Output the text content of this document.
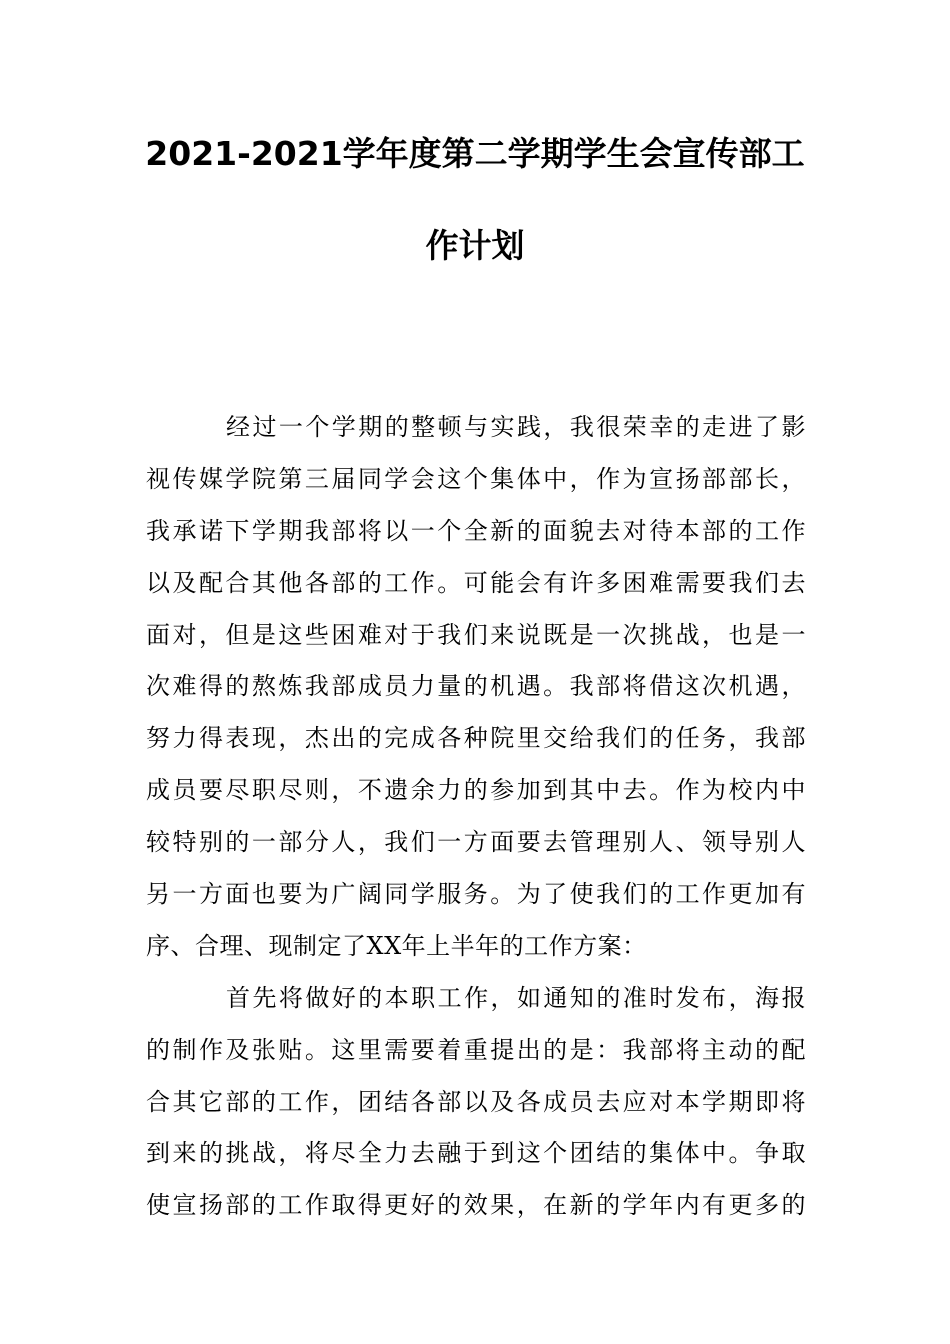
2021-2021学年度第二学期学生会宣传部工
作计划
经过一个学期的整顿与实践，我很荣幸的走进了影
视传媒学院第三届同学会这个集体中，作为宣扬部部长，
我承诺下学期我部将以一个全新的面貌去对待本部的工作
以及配合其他各部的工作。可能会有许多困难需要我们去
面对，但是这些困难对于我们来说既是一次挑战，也是一
次难得的熬炼我部成员力量的机遇。我部将借这次机遇，
努力得表现，杰出的完成各种院里交给我们的任务，我部
成员要尽职尽则，不遗余力的参加到其中去。作为校内中
较特别的一部分人，我们一方面要去管理别人、领导别人
另一方面也要为广阔同学服务。为了使我们的工作更加有
序、合理、现制定了XX年上半年的工作方案：
首先将做好的本职工作，如通知的准时发布，海报
的制作及张贴。这里需要着重提出的是：我部将主动的配
合其它部的工作，团结各部以及各成员去应对本学期即将
到来的挑战，将尽全力去融于到这个团结的集体中。争取
使宣扬部的工作取得更好的效果，在新的学年内有更多的
